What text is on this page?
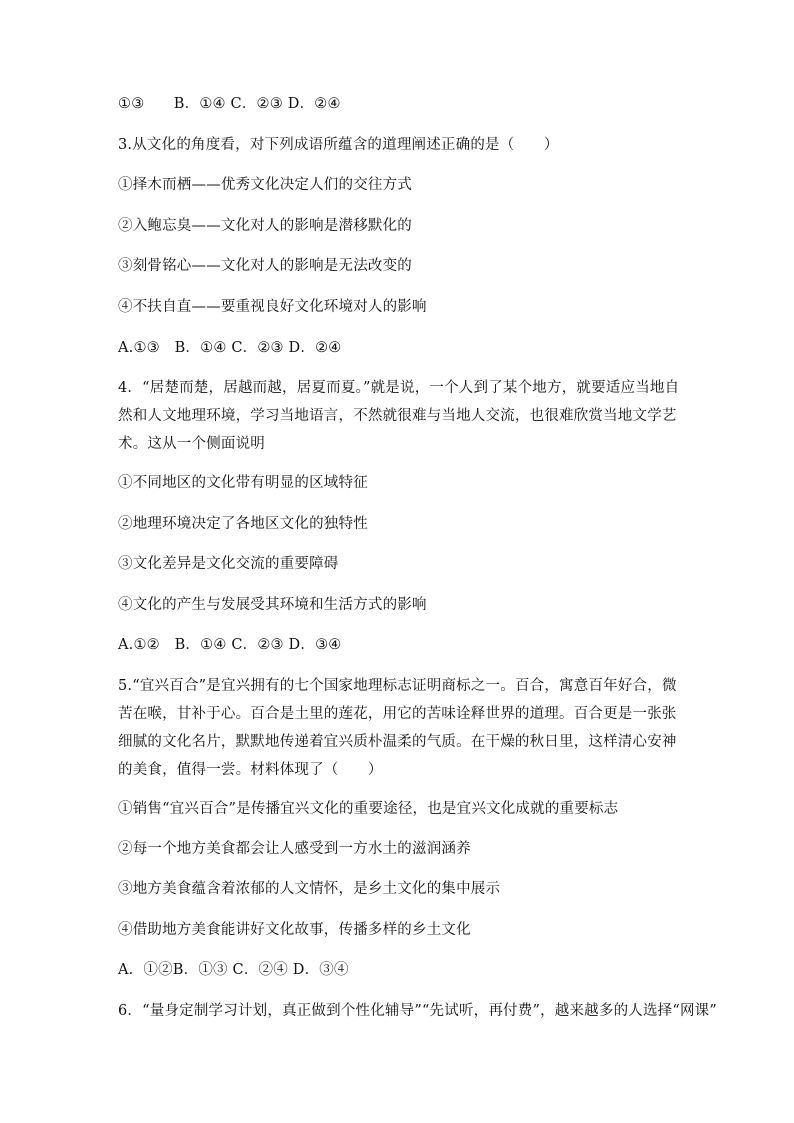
①③　　B．①④ C．②③ D．②④
3.从文化的角度看，对下列成语所蕴含的道理阐述正确的是（　　）
①择木而栖——优秀文化决定人们的交往方式
②入鲍忘臭——文化对人的影响是潜移默化的
③刻骨铭心——文化对人的影响是无法改变的
④不扶自直——要重视良好文化环境对人的影响
A.①③　B．①④ C．②③ D．②④
4．“居楚而楚，居越而越，居夏而夏。”就是说，一个人到了某个地方，就要适应当地自然和人文地理环境，学习当地语言，不然就很难与当地人交流，也很难欣赏当地文学艺术。这从一个侧面说明
①不同地区的文化带有明显的区域特征
②地理环境决定了各地区文化的独特性
③文化差异是文化交流的重要障碍
④文化的产生与发展受其环境和生活方式的影响
A.①②　B．①④ C．②③ D．③④
5.“宜兴百合”是宜兴拥有的七个国家地理标志证明商标之一。百合，寓意百年好合，微苦在喉，甘补于心。百合是土里的莲花，用它的苦味诠释世界的道理。百合更是一张张细腻的文化名片，默默地传递着宜兴质朴温柔的气质。在干燥的秋日里，这样清心安神的美食，值得一尝。材料体现了（　　）
①销售“宜兴百合”是传播宜兴文化的重要途径，也是宜兴文化成就的重要标志
②每一个地方美食都会让人感受到一方水土的滋润涵养
③地方美食蕴含着浓郁的人文情怀，是乡土文化的集中展示
④借助地方美食能讲好文化故事，传播多样的乡土文化
A．①②B．①③ C．②④ D．③④
6．“量身定制学习计划，真正做到个性化辅导”“先试听，再付费”，越来越多的人选择“网课”
